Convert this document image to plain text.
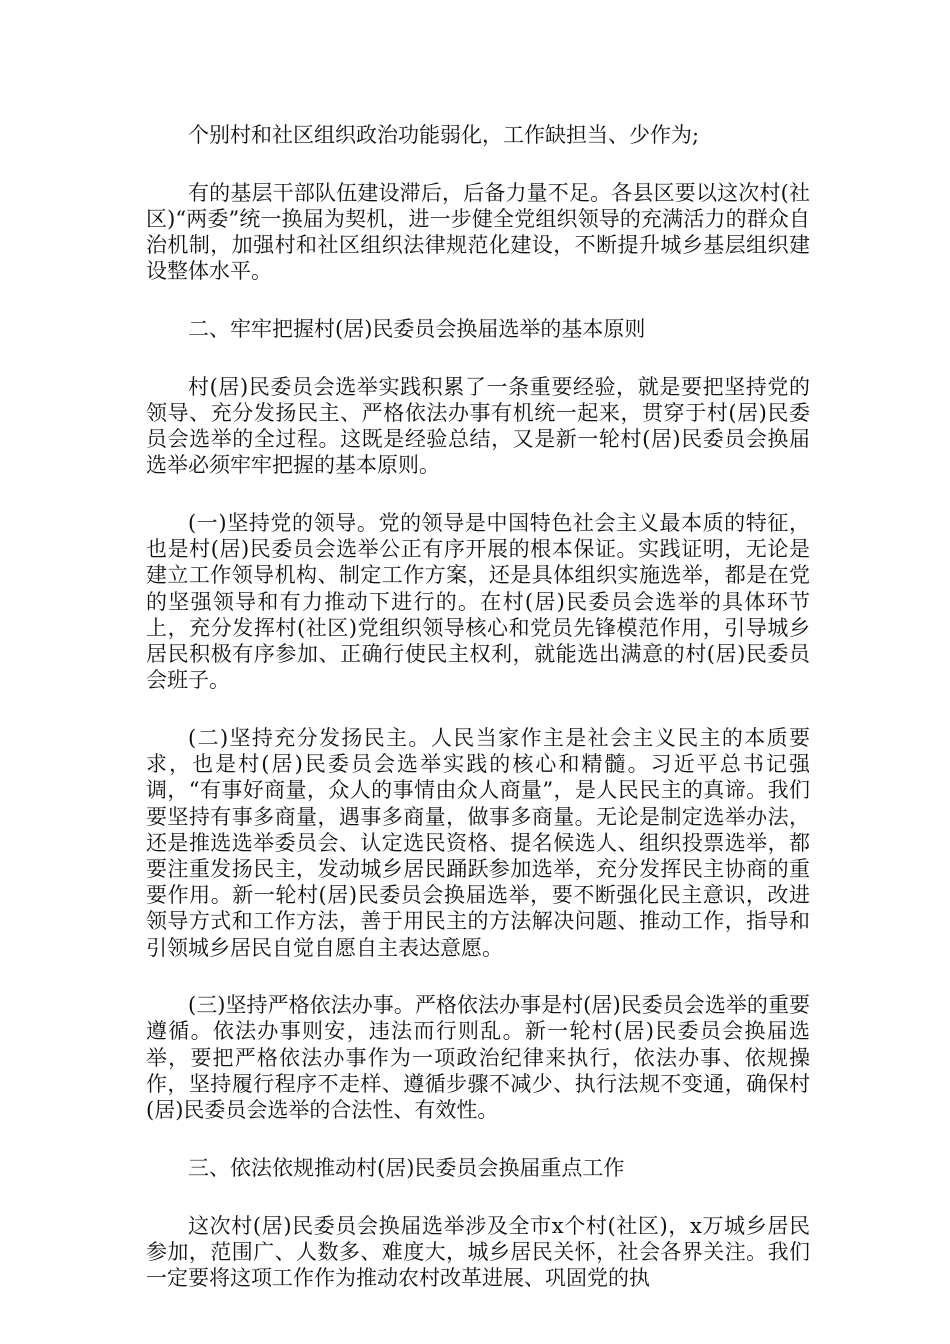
个别村和社区组织政治功能弱化，工作缺担当、少作为;

有的基层干部队伍建设滞后，后备力量不足。各县区要以这次村(社区)“两委”统一换届为契机，进一步健全党组织领导的充满活力的群众自治机制，加强村和社区组织法律规范化建设，不断提升城乡基层组织建设整体水平。

二、牢牢把握村(居)民委员会换届选举的基本原则

村(居)民委员会选举实践积累了一条重要经验，就是要把坚持党的领导、充分发扬民主、严格依法办事有机统一起来，贯穿于村(居)民委员会选举的全过程。这既是经验总结，又是新一轮村(居)民委员会换届选举必须牢牢把握的基本原则。

(一)坚持党的领导。党的领导是中国特色社会主义最本质的特征，也是村(居)民委员会选举公正有序开展的根本保证。实践证明，无论是建立工作领导机构、制定工作方案，还是具体组织实施选举，都是在党的坚强领导和有力推动下进行的。在村(居)民委员会选举的具体环节上，充分发挥村(社区)党组织领导核心和党员先锋模范作用，引导城乡居民积极有序参加、正确行使民主权利，就能选出满意的村(居)民委员会班子。

(二)坚持充分发扬民主。人民当家作主是社会主义民主的本质要求，也是村(居)民委员会选举实践的核心和精髓。习近平总书记强调，“有事好商量，众人的事情由众人商量”，是人民民主的真谛。我们要坚持有事多商量，遇事多商量，做事多商量。无论是制定选举办法，还是推选选举委员会、认定选民资格、提名候选人、组织投票选举，都要注重发扬民主，发动城乡居民踊跃参加选举，充分发挥民主协商的重要作用。新一轮村(居)民委员会换届选举，要不断强化民主意识，改进领导方式和工作方法，善于用民主的方法解决问题、推动工作，指导和引领城乡居民自觉自愿自主表达意愿。

(三)坚持严格依法办事。严格依法办事是村(居)民委员会选举的重要遵循。依法办事则安，违法而行则乱。新一轮村(居)民委员会换届选举，要把严格依法办事作为一项政治纪律来执行，依法办事、依规操作，坚持履行程序不走样、遵循步骤不减少、执行法规不变通，确保村(居)民委员会选举的合法性、有效性。

三、依法依规推动村(居)民委员会换届重点工作

这次村(居)民委员会换届选举涉及全市x个村(社区)，x万城乡居民参加，范围广、人数多、难度大，城乡居民关怀，社会各界关注。我们一定要将这项工作作为推动农村改革进展、巩固党的执
